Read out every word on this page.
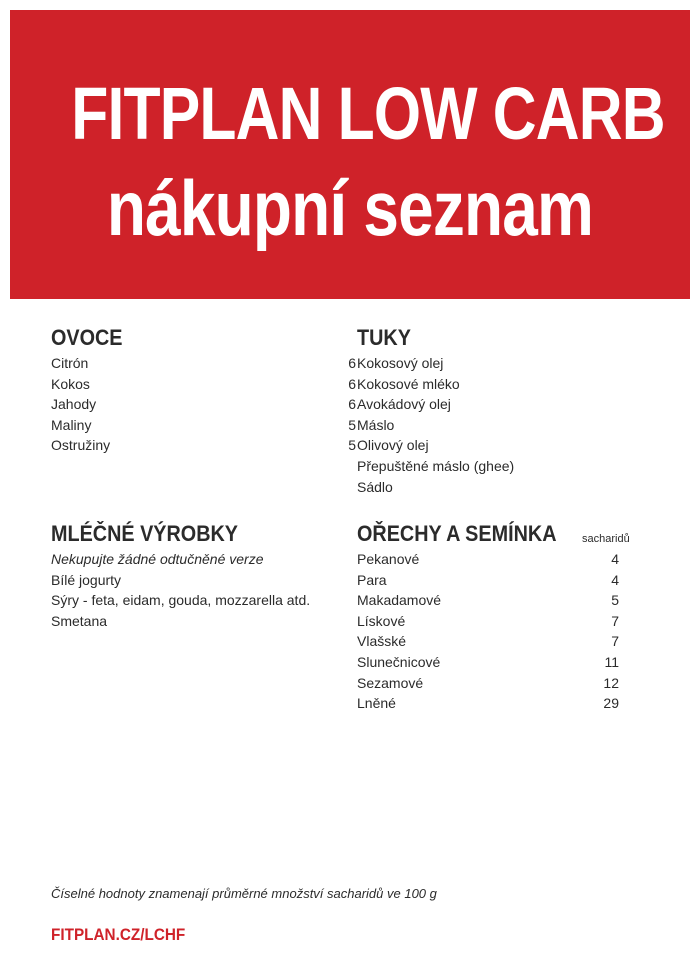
FITPLAN LOW CARB
nákupní seznam
OVOCE
Citrón	6
Kokos	6
Jahody	6
Maliny	5
Ostružiny	5
TUKY
Kokosový olej
Kokosové mléko
Avokádový olej
Máslo
Olivový olej
Přepuštěné máslo (ghee)
Sádlo
MLÉČNÉ VÝROBKY
Nekupujte žádné odtučněné verze
Bílé jogurty
Sýry - feta, eidam, gouda, mozzarella atd.
Smetana
OŘECHY A SEMÍNKA	sacharidů
Pekanové	4
Para	4
Makadamové	5
Lískové	7
Vlašské	7
Slunečnicové	11
Sezamové	12
Lněné	29
Číselné hodnoty znamenají průměrné množství sacharidů ve 100 g
FITPLAN.CZ/LCHF
